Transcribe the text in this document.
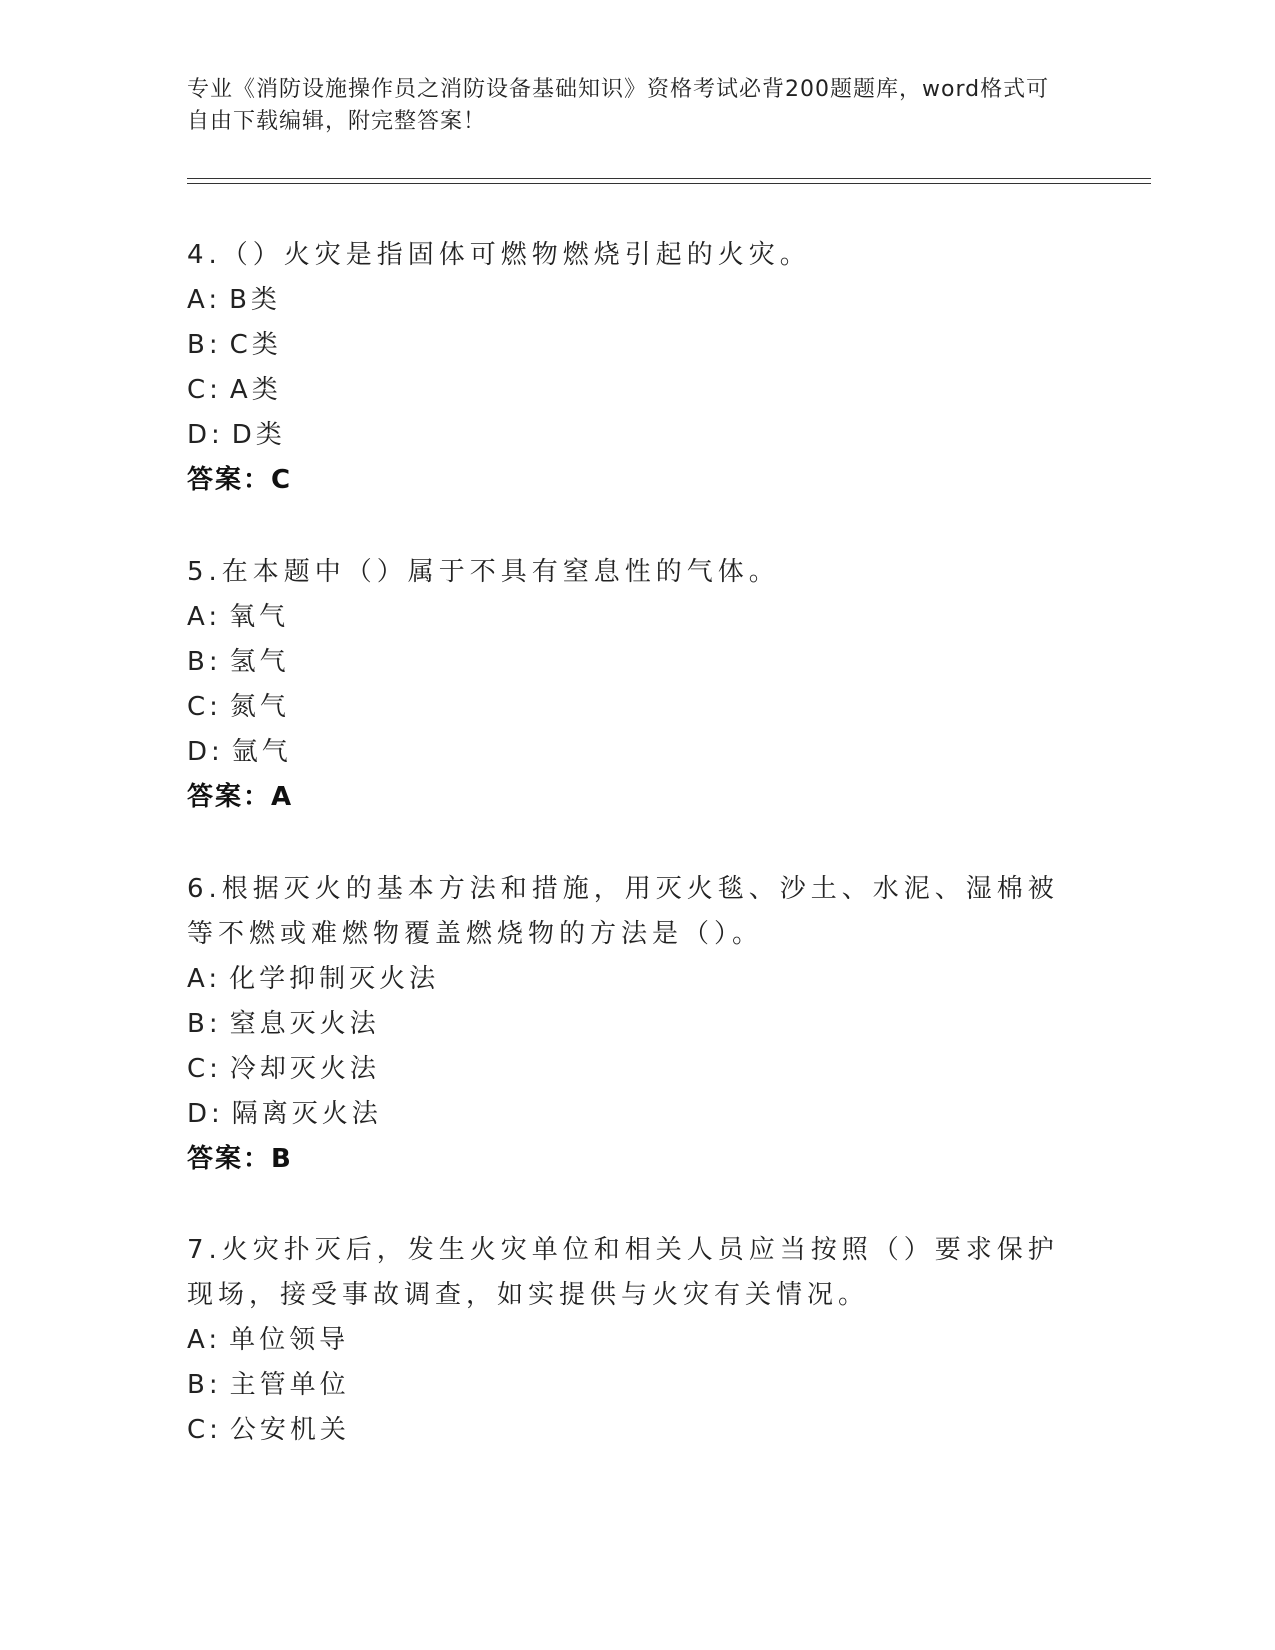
专业《消防设施操作员之消防设备基础知识》资格考试必背200题题库，word格式可自由下载编辑，附完整答案！
4.（）火灾是指固体可燃物燃烧引起的火灾。
A: B类
B: C类
C: A类
D: D类
答案：C
5.在本题中（）属于不具有窒息性的气体。
A: 氧气
B: 氢气
C: 氮气
D: 氩气
答案：A
6.根据灭火的基本方法和措施，用灭火毯、沙土、水泥、湿棉被等不燃或难燃物覆盖燃烧物的方法是（）。
A: 化学抑制灭火法
B: 窒息灭火法
C: 冷却灭火法
D: 隔离灭火法
答案：B
7.火灾扑灭后，发生火灾单位和相关人员应当按照（）要求保护现场，接受事故调查，如实提供与火灾有关情况。
A: 单位领导
B: 主管单位
C: 公安机关
